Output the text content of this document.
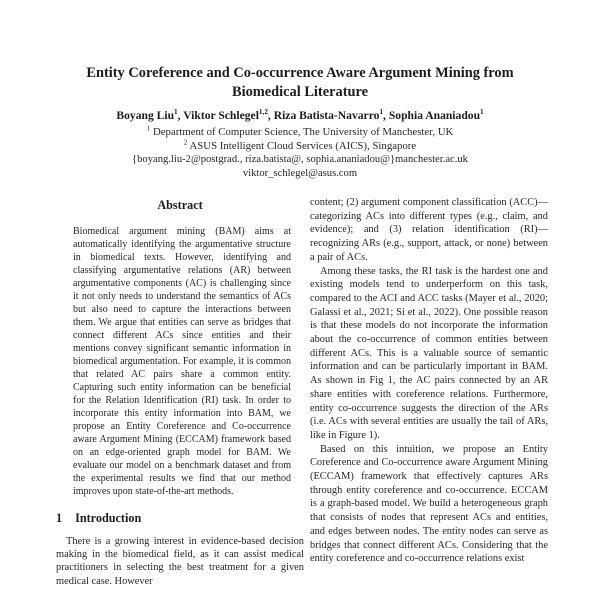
Entity Coreference and Co-occurrence Aware Argument Mining from Biomedical Literature
Boyang Liu$^1$, Viktor Schlegel$^{1,2}$, Riza Batista-Navarro$^1$, Sophia Ananiadou$^1$
$^1$ Department of Computer Science, The University of Manchester, UK
$^2$ ASUS Intelligent Cloud Services (AICS), Singapore
{boyang.liu-2@postgrad., riza.batista@, sophia.ananiadou@}manchester.ac.uk
viktor_schlegel@asus.com
Abstract
Biomedical argument mining (BAM) aims at automatically identifying the argumentative structure in biomedical texts. However, identifying and classifying argumentative relations (AR) between argumentative components (AC) is challenging since it not only needs to understand the semantics of ACs but also need to capture the interactions between them. We argue that entities can serve as bridges that connect different ACs since entities and their mentions convey significant semantic information in biomedical argumentation. For example, it is common that related AC pairs share a common entity. Capturing such entity information can be beneficial for the Relation Identification (RI) task. In order to incorporate this entity information into BAM, we propose an Entity Coreference and Co-occurrence aware Argument Mining (ECCAM) framework based on an edge-oriented graph model for BAM. We evaluate our model on a benchmark dataset and from the experimental results we find that our method improves upon state-of-the-art methods.
1 Introduction

There is a growing interest in evidence-based decision making in the biomedical field, as it can assist medical practitioners in selecting the best treatment for a given medical case. However

content; (2) argument component classification (ACC)—categorizing ACs into different types (e.g., claim, and evidence); and (3) relation identification (RI)—recognizing ARs (e.g., support, attack, or none) between a pair of ACs.

Among these tasks, the RI task is the hardest one and existing models tend to underperform on this task, compared to the ACI and ACC tasks (Mayer et al., 2020; Galassi et al., 2021; Si et al., 2022). One possible reason is that these models do not incorporate the information about the co-occurrence of common entities between different ACs. This is a valuable source of semantic information and can be particularly important in BAM. As shown in Fig 1, the AC pairs connected by an AR share entities with coreference relations. Furthermore, entity co-occurrence suggests the direction of the ARs (i.e. ACs with several entities are usually the tail of ARs, like in Figure 1).

Based on this intuition, we propose an Entity Coreference and Co-occurrence aware Argument Mining (ECCAM) framework that effectively captures ARs through entity coreference and co-occurrence. ECCAM is a graph-based model. We build a heterogeneous graph that consists of nodes that represent ACs and entities, and edges between nodes. The entity nodes can serve as bridges that connect different ACs. Considering that the entity coreference and co-occurrence relations exist
